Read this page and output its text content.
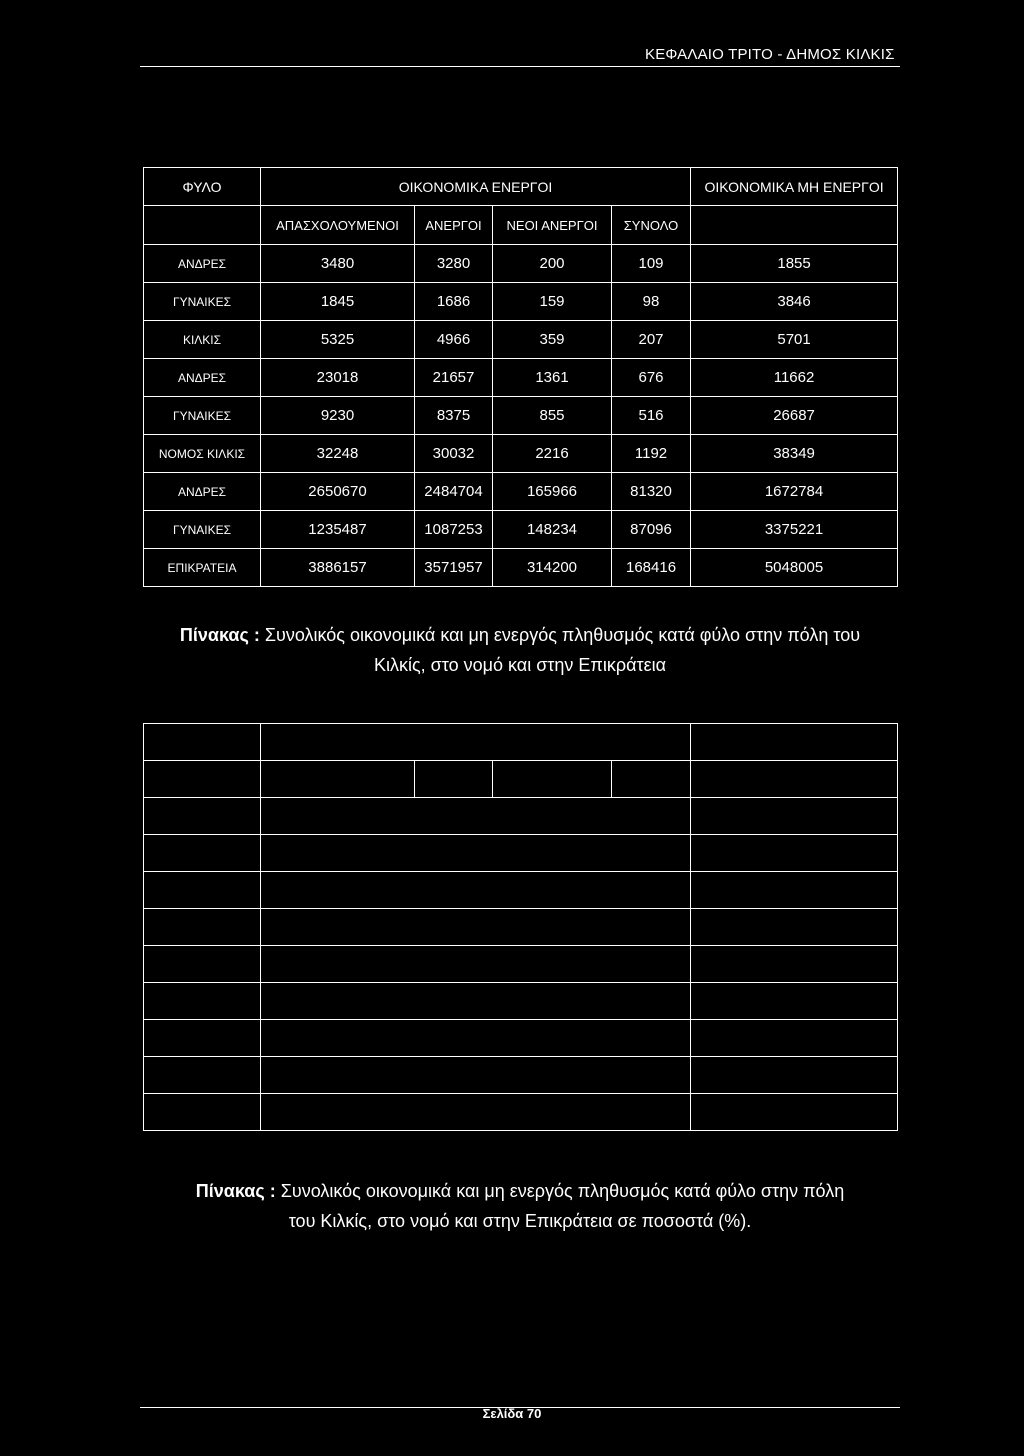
ΚΕΦΑΛΑΙΟ ΤΡΙΤΟ - ΔΗΜΟΣ ΚΙΛΚΙΣ
ΦΥΛΟ	ΟΙΚΟΝΟΜΙΚΑ ΕΝΕΡΓΟΙ				ΟΙΚΟΝΟΜΙΚΑ ΜΗ ΕΝΕΡΓΟΙ
	ΑΠΑΣΧΟΛΟΥΜΕΝΟΙ	ΑΝΕΡΓΟΙ	ΝΕΟΙ ΑΝΕΡΓΟΙ	ΣΥΝΟΛΟ	
ΑΝΔΡΕΣ	3480	3280	200	109	1855
ΓΥΝΑΙΚΕΣ	1845	1686	159	98	3846
ΚΙΛΚΙΣ	5325	4966	359	207	5701
ΑΝΔΡΕΣ	23018	21657	1361	676	11662
ΓΥΝΑΙΚΕΣ	9230	8375	855	516	26687
ΝΟΜΟΣ ΚΙΛΚΙΣ	32248	30032	2216	1192	38349
ΑΝΔΡΕΣ	2650670	2484704	165966	81320	1672784
ΓΥΝΑΙΚΕΣ	1235487	1087253	148234	87096	3375221
ΕΠΙΚΡΑΤΕΙΑ	3886157	3571957	314200	168416	5048005
Πίνακας : Συνολικός οικονομικά και μη ενεργός πληθυσμός κατά φύλο στην πόλη του
Κιλκίς, στο νομό και στην Επικράτεια

Πίνακας : Συνολικός οικονομικά και μη ενεργός πληθυσμός κατά φύλο στην πόλη
του Κιλκίς, στο νομό και στην Επικράτεια σε ποσοστά (%).
Σελίδα 70
